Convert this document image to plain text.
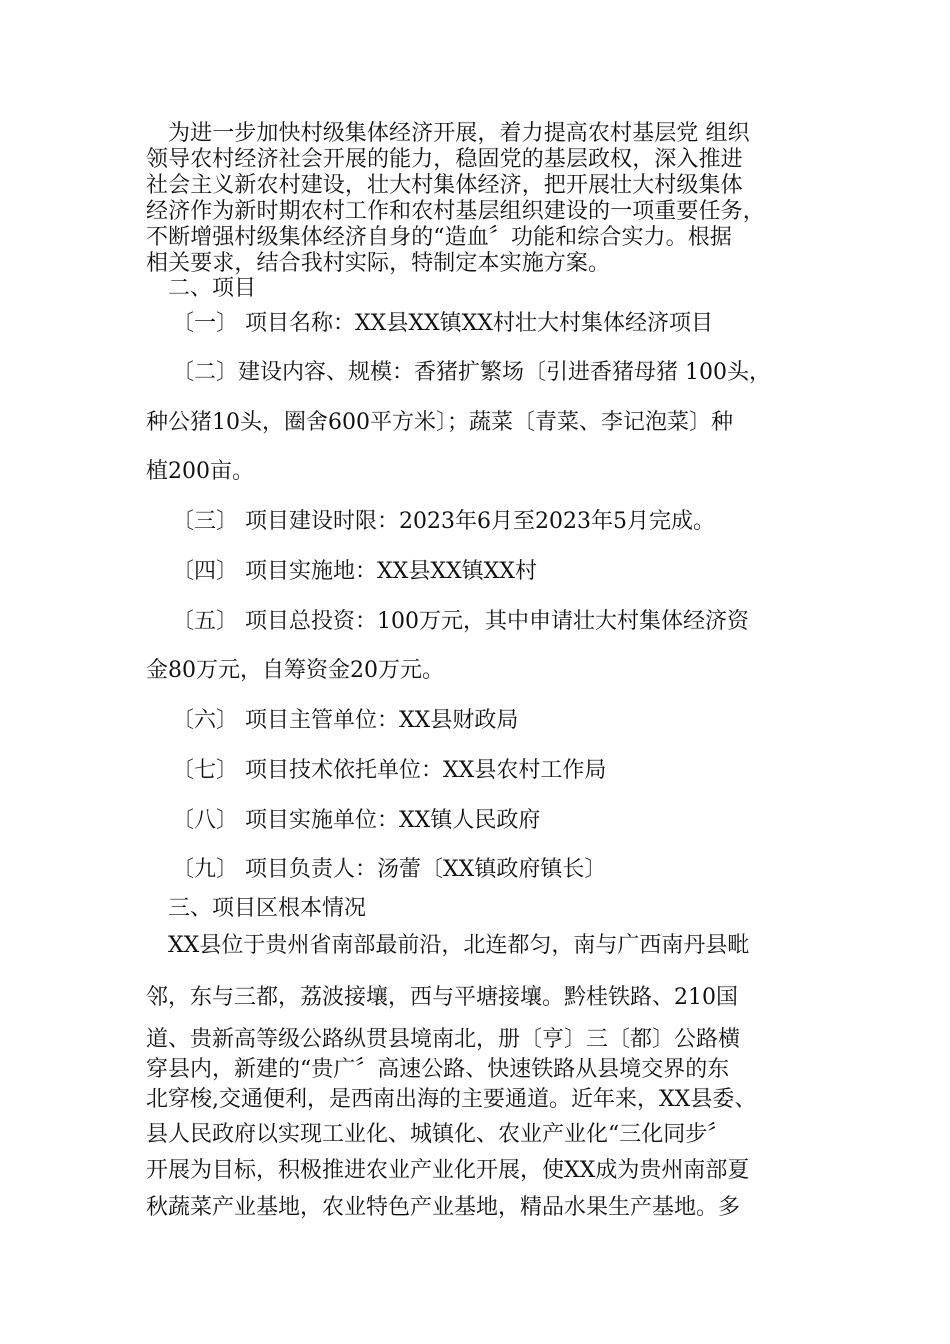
为进一步加快村级集体经济开展，着力提高农村基层党 组织

领导农村经济社会开展的能力，稳固党的基层政权，深入推进

社会主义新农村建设，壮大村集体经济，把开展壮大村级集体

经济作为新时期农村工作和农村基层组织建设的一项重要任务，

不断增强村级集体经济自身的“造血〞功能和综合实力。根据

相关要求，结合我村实际，特制定本实施方案。

二、项目

〔一〕 项目名称：XX县XX镇XX村壮大村集体经济项目

〔二〕建设内容、规模：香猪扩繁场〔引进香猪母猪 100头，

种公猪10头，圈舍600平方米〕；蔬菜〔青菜、李记泡菜〕种

植200亩。

〔三〕 项目建设时限：2023年6月至2023年5月完成。

〔四〕 项目实施地：XX县XX镇XX村

〔五〕 项目总投资：100万元，其中申请壮大村集体经济资

金80万元，自筹资金20万元。

〔六〕 项目主管单位：XX县财政局

〔七〕 项目技术依托单位：XX县农村工作局

〔八〕 项目实施单位：XX镇人民政府

〔九〕 项目负责人：汤蕾〔XX镇政府镇长〕

三、项目区根本情况

XX县位于贵州省南部最前沿，北连都匀，南与广西南丹县毗

邻，东与三都，荔波接壤，西与平塘接壤。黔桂铁路、210国

道、贵新高等级公路纵贯县境南北，册〔亨〕三〔都〕公路横

穿县内，新建的“贵广〞高速公路、快速铁路从县境交界的东

北穿梭,交通便利，是西南出海的主要通道。近年来，XX县委、

县人民政府以实现工业化、城镇化、农业产业化“三化同步〞

开展为目标，积极推进农业产业化开展，使XX成为贵州南部夏

秋蔬菜产业基地，农业特色产业基地，精品水果生产基地。多
